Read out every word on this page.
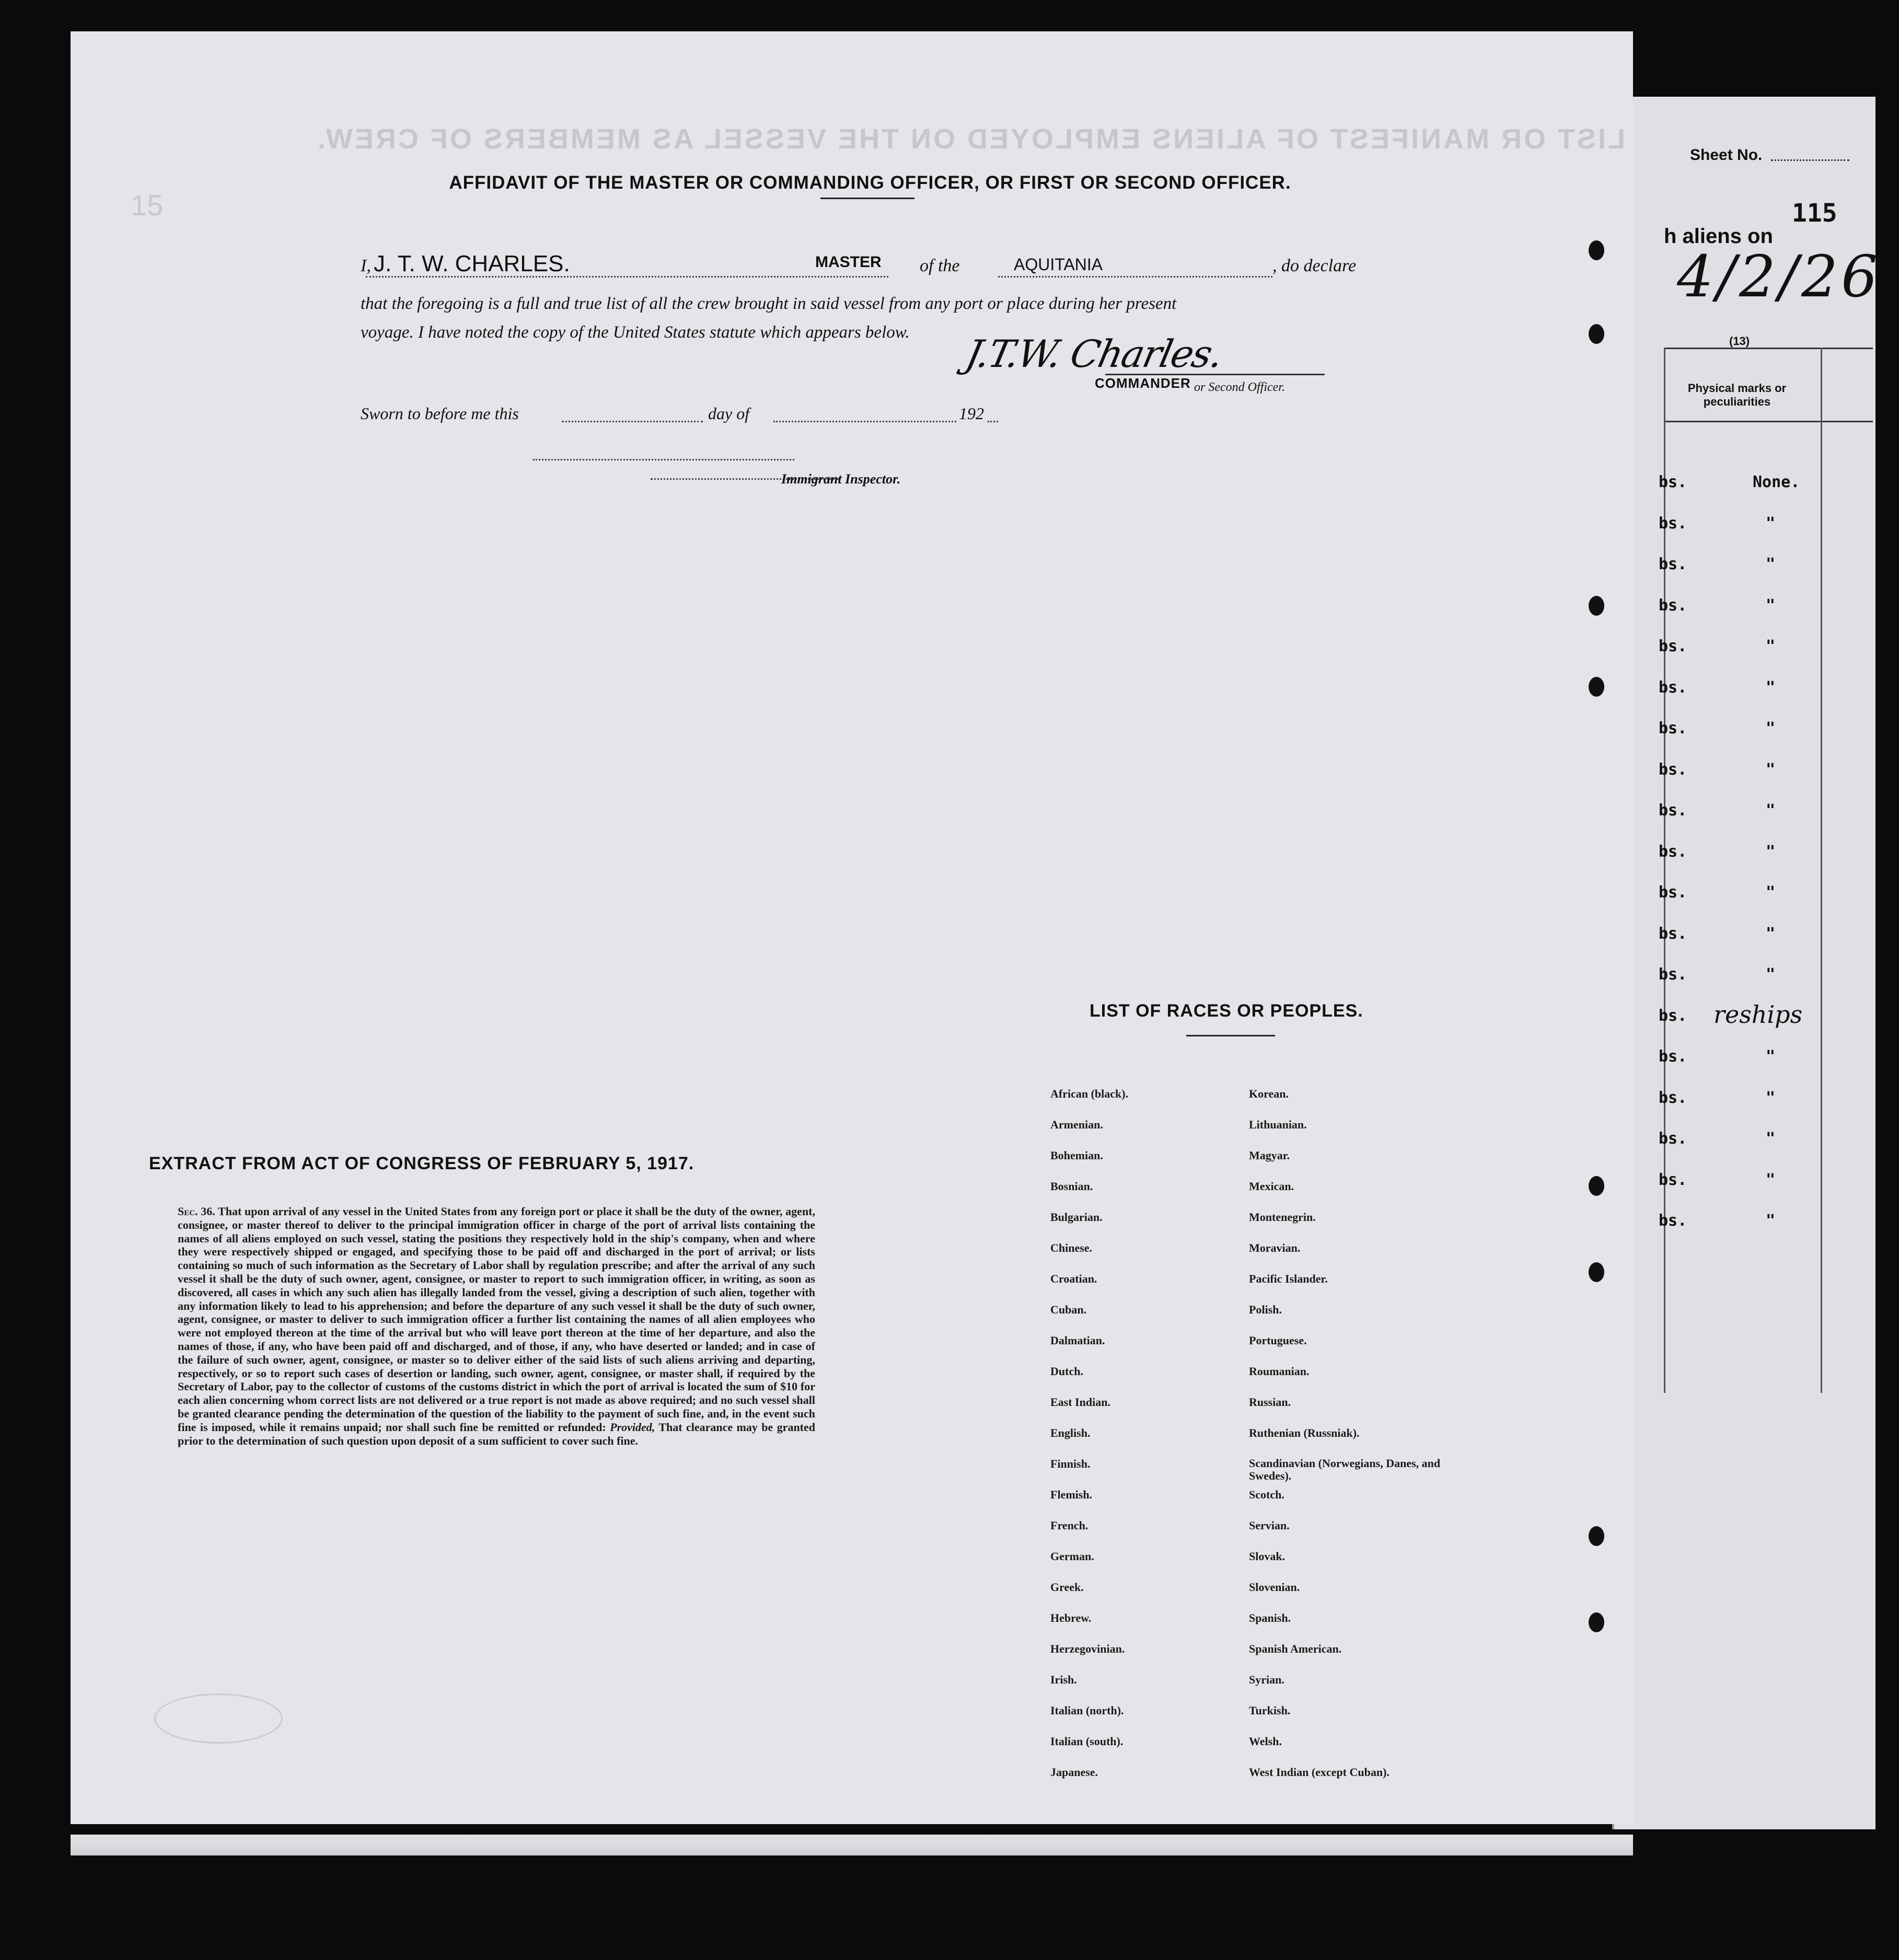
Sheet No.
115
h aliens on
4/2/26
(13)
Physical marks or peculiarities
bs.	None.
bs.	"
bs.	"
bs.	"
bs.	"
bs.	"
bs.	"
bs.	"
bs.	"
bs.	"
bs.	"
bs.	"
bs.	"
bs. reships
bs.	"
bs.	"
bs.	"
bs.	"
bs.	"
LIST OR MANIFEST OF ALIENS EMPLOYED ON THE VESSEL AS MEMBERS OF CREW.
15
AFFIDAVIT OF THE MASTER OR COMMANDING OFFICER, OR FIRST OR SECOND OFFICER.
I, J. T. W. CHARLES.	MASTER of the	AQUITANIA	, do declare
that the foregoing is a full and true list of all the crew brought in said vessel from any port or place during her present
voyage. I have noted the copy of the United States statute which appears below. J.T.W. Charles.
COMMANDER or Second Officer.
Sworn to before me this	day of	192
Immigrant Inspector.
EXTRACT FROM ACT OF CONGRESS OF FEBRUARY 5, 1917.
Sec. 36. That upon arrival of any vessel in the United States from any foreign port or place it shall be the duty of the owner, agent, consignee, or master thereof to deliver to the principal immigration officer in charge of the port of arrival lists containing the names of all aliens employed on such vessel, stating the positions they respectively hold in the ship's company, when and where they were respectively shipped or engaged, and specifying those to be paid off and discharged in the port of arrival; or lists containing so much of such information as the Secretary of Labor shall by regulation prescribe; and after the arrival of any such vessel it shall be the duty of such owner, agent, consignee, or master to report to such immigration officer, in writing, as soon as discovered, all cases in which any such alien has illegally landed from the vessel, giving a description of such alien, together with any information likely to lead to his apprehension; and before the departure of any such vessel it shall be the duty of such owner, agent, consignee, or master to deliver to such immigration officer a further list containing the names of all alien employees who were not employed thereon at the time of the arrival but who will leave port thereon at the time of her departure, and also the names of those, if any, who have been paid off and discharged, and of those, if any, who have deserted or landed; and in case of the failure of such owner, agent, consignee, or master so to deliver either of the said lists of such aliens arriving and departing, respectively, or so to report such cases of desertion or landing, such owner, agent, consignee, or master shall, if required by the Secretary of Labor, pay to the collector of customs of the customs district in which the port of arrival is located the sum of $10 for each alien concerning whom correct lists are not delivered or a true report is not made as above required; and no such vessel shall be granted clearance pending the determination of the question of the liability to the payment of such fine, and, in the event such fine is imposed, while it remains unpaid; nor shall such fine be remitted or refunded: Provided, That clearance may be granted prior to the determination of such question upon deposit of a sum sufficient to cover such fine.
LIST OF RACES OR PEOPLES.
African (black).
Armenian.
Bohemian.
Bosnian.
Bulgarian.
Chinese.
Croatian.
Cuban.
Dalmatian.
Dutch.
East Indian.
English.
Finnish.
Flemish.
French.
German.
Greek.
Hebrew.
Herzegovinian.
Irish.
Italian (north).
Italian (south).
Japanese.
Korean.
Lithuanian.
Magyar.
Mexican.
Montenegrin.
Moravian.
Pacific Islander.
Polish.
Portuguese.
Roumanian.
Russian.
Ruthenian (Russniak).
Scandinavian (Norwegians, Danes, and Swedes).
Scotch.
Servian.
Slovak.
Slovenian.
Spanish.
Spanish American.
Syrian.
Turkish.
Welsh.
West Indian (except Cuban).
